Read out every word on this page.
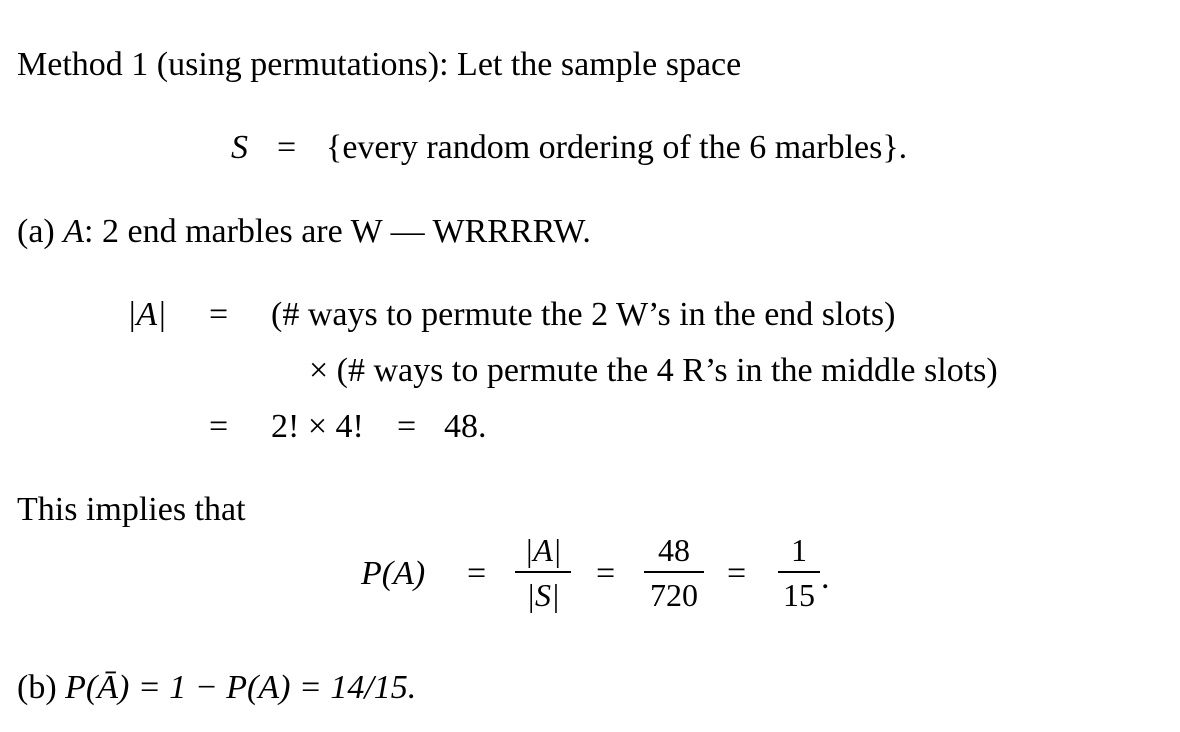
Method 1 (using permutations): Let the sample space
S = {every random ordering of the 6 marbles}.
(a) A: 2 end marbles are W — WRRRRW.
|A| = (# ways to permute the 2 W’s in the end slots)
× (# ways to permute the 4 R’s in the middle slots)
= 2! × 4! = 48.
This implies that
P(A) =
|A|
|S|
=
48
720
=
1
15 .
(b) P(Ā) = 1 − P(A) = 14/15.
